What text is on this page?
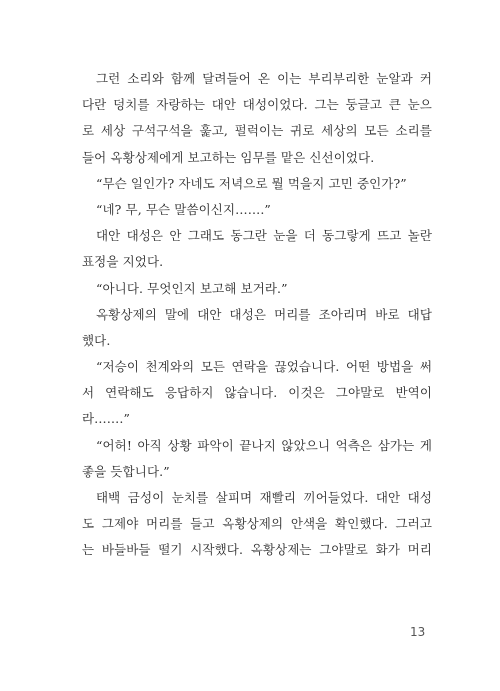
그런 소리와 함께 달려들어 온 이는 부리부리한 눈알과 커
다란 덩치를 자랑하는 대안 대성이었다. 그는 둥글고 큰 눈으
로 세상 구석구석을 훑고, 펄럭이는 귀로 세상의 모든 소리를
들어 옥황상제에게 보고하는 임무를 맡은 신선이었다.
“무슨 일인가? 자네도 저녁으로 뭘 먹을지 고민 중인가?”
“네? 무, 무슨 말씀이신지…….”
대안 대성은 안 그래도 동그란 눈을 더 동그랗게 뜨고 놀란
표정을 지었다.
“아니다. 무엇인지 보고해 보거라.”
옥황상제의 말에 대안 대성은 머리를 조아리며 바로 대답
했다.
“저승이 천계와의 모든 연락을 끊었습니다. 어떤 방법을 써
서 연락해도 응답하지 않습니다. 이것은 그야말로 반역이
라…….”
“어허! 아직 상황 파악이 끝나지 않았으니 억측은 삼가는 게
좋을 듯합니다.”
태백 금성이 눈치를 살피며 재빨리 끼어들었다. 대안 대성
도 그제야 머리를 들고 옥황상제의 안색을 확인했다. 그러고
는 바들바들 떨기 시작했다. 옥황상제는 그야말로 화가 머리
13
